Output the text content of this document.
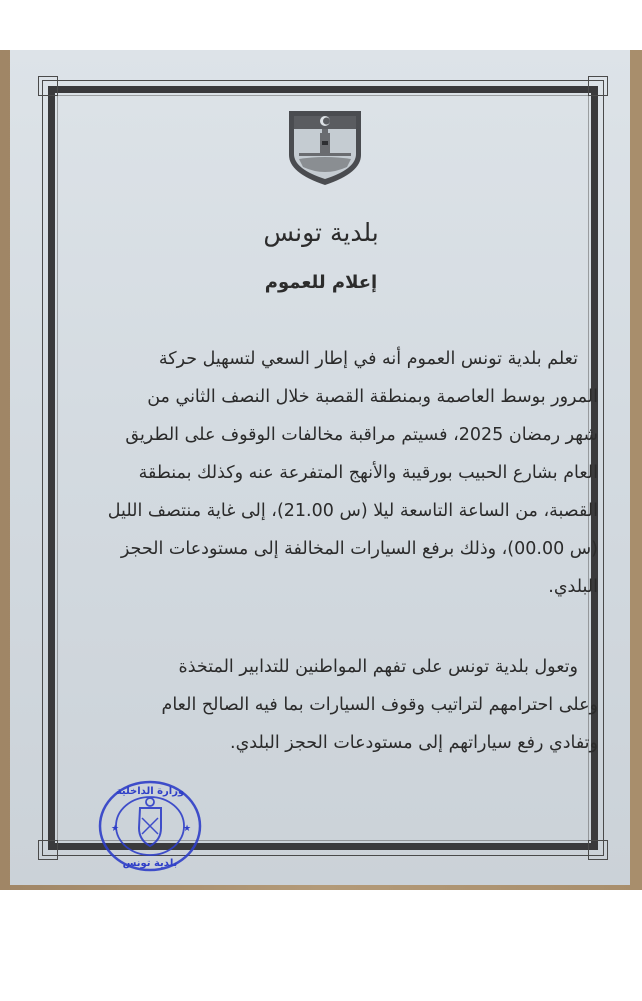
بلدية تونس
إعلام للعموم
تعلم بلدية تونس العموم أنه في إطار السعي لتسهيل حركة
المرور بوسط العاصمة وبمنطقة القصبة خلال النصف الثاني من
شهر رمضان 2025، فسيتم مراقبة مخالفات الوقوف على الطريق
العام بشارع الحبيب بورقيبة والأنهج المتفرعة عنه وكذلك بمنطقة
القصبة، من الساعة التاسعة ليلا (س 21.00)، إلى غاية منتصف الليل
(س 00.00)، وذلك برفع السيارات المخالفة إلى مستودعات الحجز
البلدي.
وتعول بلدية تونس على تفهم المواطنين للتدابير المتخذة
وعلى احترامهم لتراتيب وقوف السيارات بما فيه الصالح العام
وتفادي رفع سياراتهم إلى مستودعات الحجز البلدي.
وزارة الداخلية
بلدية تونس
★	★
